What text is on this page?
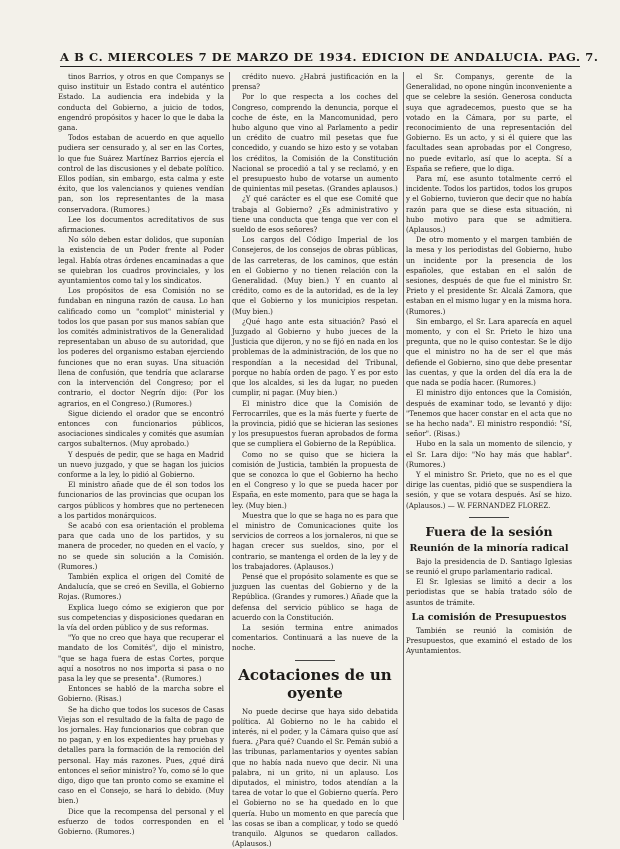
A B C. MIERCOLES 7 DE MARZO DE 1934. EDICION DE ANDALUCIA. PAG. 7.

tinos Barrios, y otros en que Companys se quiso instituir un Estado contra el auténtico Estado. La audiencia era indebida y la conducta del Gobierno, a juicio de todos, engendró propósitos y hacer lo que le daba la gana.

Todos estaban de acuerdo en que aquello pudiera ser censurado y, al ser en las Cortes, lo que fue Suárez Martínez Barrios ejercía el control de las discusiones y el debate político. Ellos podían, sin embargo, esta calma y este éxito, que los valencianos y quienes vendían pan, son los representantes de la masa conservadora. (Rumores.)

Lee los documentos acreditativos de sus afirmaciones.

No sólo deben estar dolidos, que suponían la existencia de un Poder frente al Poder legal. Había otras órdenes encaminadas a que se quiebran los cuadros provinciales, y los ayuntamientos como tal y los sindicatos.

Los propósitos de esa Comisión no se fundaban en ninguna razón de causa. Lo han calificado como un "complot" ministerial y todos los que pasan por sus manos sabían que los comités administrativos de la Generalidad representaban un abuso de su autoridad, que los poderes del organismo estaban ejerciendo funciones que no eran suyas. Una situación llena de confusión, que tendría que aclararse con la intervención del Congreso; por el contrario, el doctor Negrín dijo: (Por los agrarios, en el Congreso.) (Rumores.)

Sigue diciendo el orador que se encontró entonces con funcionarios públicos, asociaciones sindicales y comités que asumían cargos subalternos. (Muy aprobado.)

Y después de pedir, que se haga en Madrid un nuevo juzgado, y que se hagan los juicios conforme a la ley, lo pidió al Gobierno.

El ministro añade que de él son todos los funcionarios de las provincias que ocupan los cargos públicos y hombres que no pertenecen a los partidos monárquicos.

Se acabó con esa orientación el problema para que cada uno de los partidos, y su manera de proceder, no queden en el vacío, y no se quede sin solución a la Comisión. (Rumores.)

También explica el origen del Comité de Andalucía, que se creó en Sevilla, el Gobierno Rojas. (Rumores.)

Explica luego cómo se exigieron que por sus competencias y disposiciones quedaran en la vía del orden público y de sus reformas.

"Yo que no creo que haya que recuperar el mandato de los Comités", dijo el ministro, "que se haga fuera de estas Cortes, porque aquí a nosotros no nos importa si pasa o no pasa la ley que se presenta". (Rumores.)

Entonces se habló de la marcha sobre el Gobierno. (Risas.)

Se ha dicho que todos los sucesos de Casas Viejas son el resultado de la falta de pago de los jornales. Hay funcionarios que cobran que no pagan, y en los expedientes hay pruebas y detalles para la formación de la remoción del personal. Hay más razones. Pues, ¿qué dirá entonces el señor ministro? Yo, como sé lo que digo, digo que tan pronto como se examine el caso en el Consejo, se hará lo debido. (Muy bien.)

Dice que la recompensa del personal y el esfuerzo de todos corresponden en el Gobierno. (Rumores.)

crédito nuevo. ¿Habrá justificación en la prensa?

Por lo que respecta a los coches del Congreso, comprendo la denuncia, porque el coche de éste, en la Mancomunidad, pero hubo alguno que vino al Parlamento a pedir un crédito de cuatro mil pesetas que fue concedido, y cuando se hizo esto y se votaban los créditos, la Comisión de la Constitución Nacional se procedió a tal y se reclamó, y en el presupuesto hubo de votarse un aumento de quinientas mil pesetas. (Grandes aplausos.)

¿Y qué carácter es el que ese Comité que trabaja al Gobierno? ¿Es administrativo y tiene una conducta que tenga que ver con el sueldo de esos señores?

Los cargos del Código Imperial de los Consejeros, de los consejos de obras públicas, de las carreteras, de los caminos, que están en el Gobierno y no tienen relación con la Generalidad. (Muy bien.) Y en cuanto al crédito, como es de la autoridad, es de la ley que el Gobierno y los municipios respetan. (Muy bien.)

¿Qué hago ante esta situación? Pasó el Juzgado al Gobierno y hubo jueces de la Justicia que dijeron, y no se fijó en nada en los problemas de la administración, de los que no respondían a la necesidad del Tribunal, porque no había orden de pago. Y es por esto que los alcaldes, si les da lugar, no pueden cumplir, ni pagar. (Muy bien.)

El ministro dice que la Comisión de Ferrocarriles, que es la más fuerte y fuerte de la provincia, pidió que se hicieran las sesiones y los presupuestos fueran aprobados de forma que se cumpliera el Gobierno de la República.

Como no se quiso que se hiciera la comisión de Justicia, también la propuesta de que se conozca lo que el Gobierno ha hecho en el Congreso y lo que se pueda hacer por España, en este momento, para que se haga la ley. (Muy bien.)

Muestra que lo que se haga no es para que el ministro de Comunicaciones quite los servicios de correos a los jornaleros, ni que se hagan crecer sus sueldos, sino, por el contrario, se mantenga el orden de la ley y de los trabajadores. (Aplausos.)

Pensé que el propósito solamente es que se juzguen las cuentas del Gobierno y de la República. (Grandes y rumores.) Añade que la defensa del servicio público se haga de acuerdo con la Constitución.

La sesión termina entre animados comentarios. Continuará a las nueve de la noche.

Acotaciones de un oyente

No puede decirse que haya sido debatida política. Al Gobierno no le ha cabido el interés, ni el poder, y la Cámara quiso que así fuera. ¿Para qué? Cuando el Sr. Pemán subió a las tribunas, parlamentarios y oyentes sabían que no había nada nuevo que decir. Ni una palabra, ni un grito, ni un aplauso. Los diputados, el ministro, todos atendían a la tarea de votar lo que el Gobierno quería. Pero el Gobierno no se ha quedado en lo que quería. Hubo un momento en que parecía que las cosas se iban a complicar, y todo se quedó tranquilo. Algunos se quedaron callados. (Aplausos.)

el Sr. Companys, gerente de la Generalidad, no opone ningún inconveniente a que se celebre la sesión. Generosa conducta suya que agradecemos, puesto que se ha votado en la Cámara, por su parte, el reconocimiento de una representación del Gobierno. Es un acto, y si él quiere que las facultades sean aprobadas por el Congreso, no puede evitarlo, así que lo acepta. Sí a España se refiere, que lo diga.

Para mí, ese asunto totalmente cerró el incidente. Todos los partidos, todos los grupos y el Gobierno, tuvieron que decir que no había razón para que se diese esta situación, ni hubo motivo para que se admitiera. (Aplausos.)

De otro momento y el margen también de la mesa y los periodistas del Gobierno, hubo un incidente por la presencia de los españoles, que estaban en el salón de sesiones, después de que fue el ministro Sr. Prieto y el presidente Sr. Alcalá Zamora, que estaban en el mismo lugar y en la misma hora. (Rumores.)

Sin embargo, el Sr. Lara aparecía en aquel momento, y con el Sr. Prieto le hizo una pregunta, que no le quiso contestar. Se le dijo que el ministro no ha de ser el que más defiende el Gobierno, sino que debe presentar las cuentas, y que la orden del día era la de que nada se podía hacer. (Rumores.)

El ministro dijo entonces que la Comisión, después de examinar todo, se levantó y dijo: "Tenemos que hacer constar en el acta que no se ha hecho nada". El ministro respondió: "Sí, señor". (Risas.)

Hubo en la sala un momento de silencio, y el Sr. Lara dijo: "No hay más que hablar". (Rumores.)

Y el ministro Sr. Prieto, que no es el que dirige las cuentas, pidió que se suspendiera la sesión, y que se votara después. Así se hizo. (Aplausos.) — W. FERNANDEZ FLOREZ.

Fuera de la sesión
Reunión de la minoría radical

Bajo la presidencia de D. Santiago Iglesias se reunió el grupo parlamentario radical.

El Sr. Iglesias se limitó a decir a los periodistas que se había tratado sólo de asuntos de trámite.

La comisión de Presupuestos

También se reunió la comisión de Presupuestos, que examinó el estado de los Ayuntamientos.
